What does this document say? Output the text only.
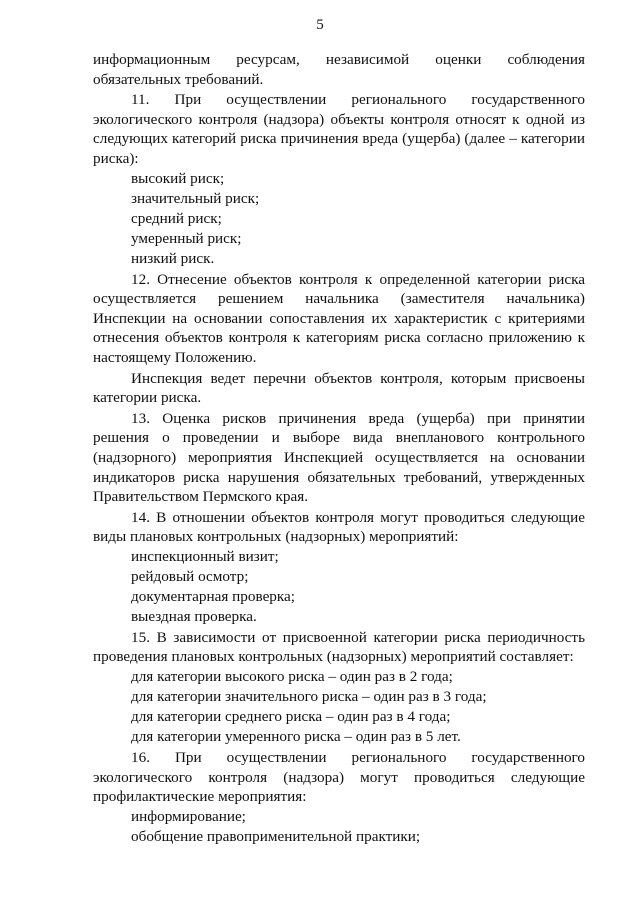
5

информационным ресурсам, независимой оценки соблюдения обязательных требований.

11. При осуществлении регионального государственного экологического контроля (надзора) объекты контроля относят к одной из следующих категорий риска причинения вреда (ущерба) (далее – категории риска):

высокий риск;

значительный риск;

средний риск;

умеренный риск;

низкий риск.

12. Отнесение объектов контроля к определенной категории риска осуществляется решением начальника (заместителя начальника) Инспекции на основании сопоставления их характеристик с критериями отнесения объектов контроля к категориям риска согласно приложению к настоящему Положению.

Инспекция ведет перечни объектов контроля, которым присвоены категории риска.

13. Оценка рисков причинения вреда (ущерба) при принятии решения о проведении и выборе вида внепланового контрольного (надзорного) мероприятия Инспекцией осуществляется на основании индикаторов риска нарушения обязательных требований, утвержденных Правительством Пермского края.

14. В отношении объектов контроля могут проводиться следующие виды плановых контрольных (надзорных) мероприятий:

инспекционный визит;

рейдовый осмотр;

документарная проверка;

выездная проверка.

15. В зависимости от присвоенной категории риска периодичность проведения плановых контрольных (надзорных) мероприятий составляет:

для категории высокого риска – один раз в 2 года;

для категории значительного риска – один раз в 3 года;

для категории среднего риска – один раз в 4 года;

для категории умеренного риска – один раз в 5 лет.

16. При осуществлении регионального государственного экологического контроля (надзора) могут проводиться следующие профилактические мероприятия:

информирование;

обобщение правоприменительной практики;
